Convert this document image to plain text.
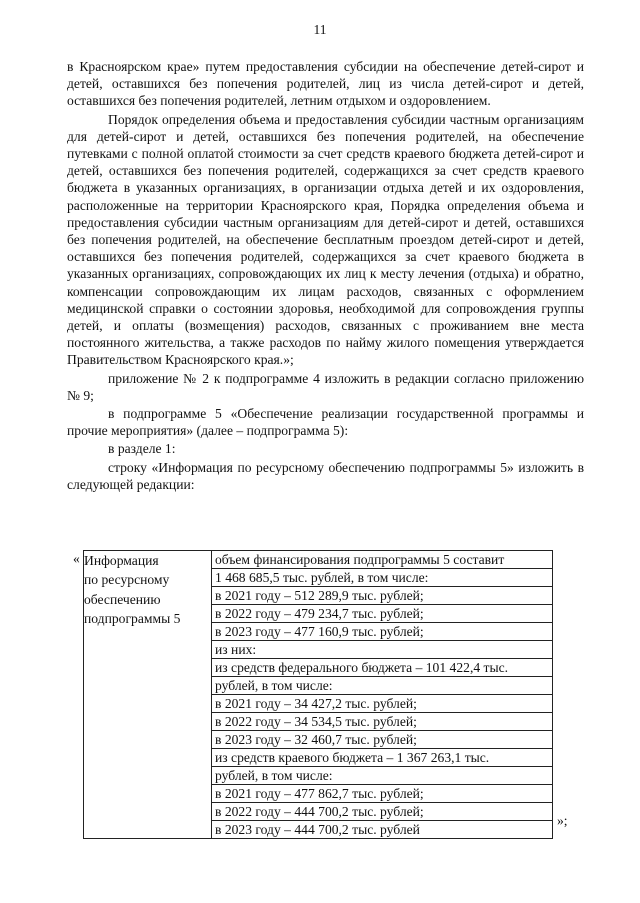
11

в Красноярском крае» путем предоставления субсидии на обеспечение детей-сирот и детей, оставшихся без попечения родителей, лиц из числа детей-сирот и детей, оставшихся без попечения родителей, летним отдыхом и оздоровлением.

Порядок определения объема и предоставления субсидии частным организациям для детей-сирот и детей, оставшихся без попечения родителей, на обеспечение путевками с полной оплатой стоимости за счет средств краевого бюджета детей-сирот и детей, оставшихся без попечения родителей, содержащихся за счет средств краевого бюджета в указанных организациях, в организации отдыха детей и их оздоровления, расположенные на территории Красноярского края, Порядка определения объема и предоставления субсидии частным организациям для детей-сирот и детей, оставшихся без попечения родителей, на обеспечение бесплатным проездом детей-сирот и детей, оставшихся без попечения родителей, содержащихся за счет краевого бюджета в указанных организациях, сопровождающих их лиц к месту лечения (отдыха) и обратно, компенсации сопровождающим их лицам расходов, связанных с оформлением медицинской справки о состоянии здоровья, необходимой для сопровождения группы детей, и оплаты (возмещения) расходов, связанных с проживанием вне места постоянного жительства, а также расходов по найму жилого помещения утверждается Правительством Красноярского края.»;

приложение № 2 к подпрограмме 4 изложить в редакции согласно приложению № 9;

в подпрограмме 5 «Обеспечение реализации государственной программы и прочие мероприятия» (далее – подпрограмма 5):

в разделе 1:

строку «Информация по ресурсному обеспечению подпрограммы 5» изложить в следующей редакции:

« Информация
по ресурсному
обеспечению
подпрограммы 5

объем финансирования подпрограммы 5 составит
1 468 685,5 тыс. рублей, в том числе:
в 2021 году – 512 289,9 тыс. рублей;
в 2022 году – 479 234,7 тыс. рублей;
в 2023 году – 477 160,9 тыс. рублей;
из них:
из средств федерального бюджета – 101 422,4 тыс.
рублей, в том числе:
в 2021 году – 34 427,2 тыс. рублей;
в 2022 году – 34 534,5 тыс. рублей;
в 2023 году – 32 460,7 тыс. рублей;
из средств краевого бюджета – 1 367 263,1 тыс.
рублей, в том числе:
в 2021 году – 477 862,7 тыс. рублей;
в 2022 году – 444 700,2 тыс. рублей;
в 2023 году – 444 700,2 тыс. рублей
»;
